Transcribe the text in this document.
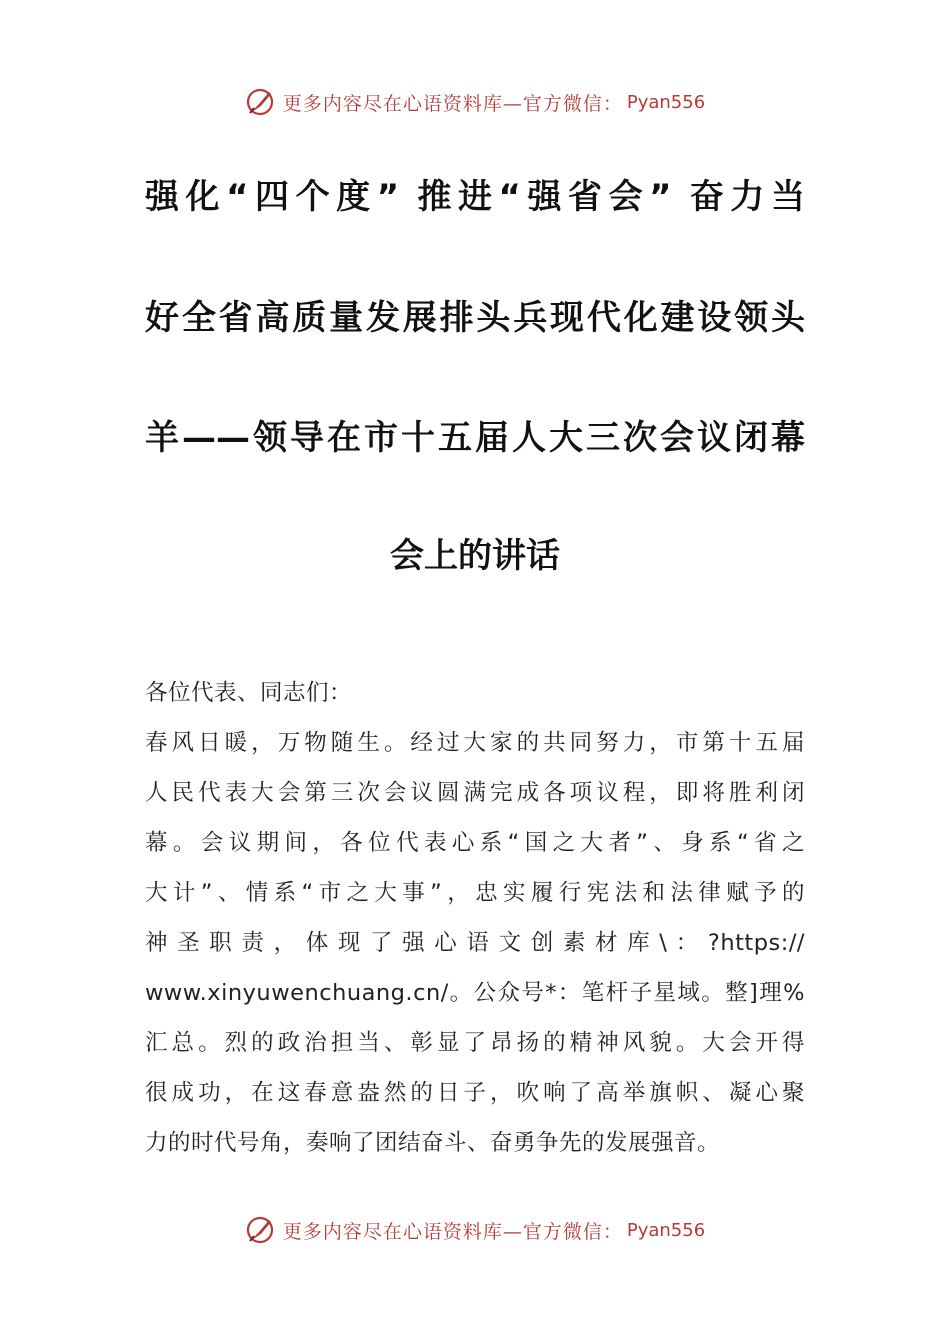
更多内容尽在心语资料库—官方微信： Pyan556
强化“四个度” 推进“强省会” 奋力当
好全省高质量发展排头兵现代化建设领头
羊——领导在市十五届人大三次会议闭幕
会上的讲话
各位代表、同志们：
春风日暖，万物随生。经过大家的共同努力，市第十五届
人民代表大会第三次会议圆满完成各项议程，即将胜利闭
幕。会议期间，各位代表心系“国之大者”、身系“省之
大计”、情系“市之大事”，忠实履行宪法和法律赋予的
神 圣 职 责 ， 体 现 了 强 心 语 文 创 素 材 库 \ ： ?https://
www.xinyuwenchuang.cn/。公众号*：笔杆子星域。整]理%
汇总。烈的政治担当、彰显了昂扬的精神风貌。大会开得
很成功，在这春意盎然的日子，吹响了高举旗帜、凝心聚
力的时代号角，奏响了团结奋斗、奋勇争先的发展强音。
更多内容尽在心语资料库—官方微信： Pyan556
